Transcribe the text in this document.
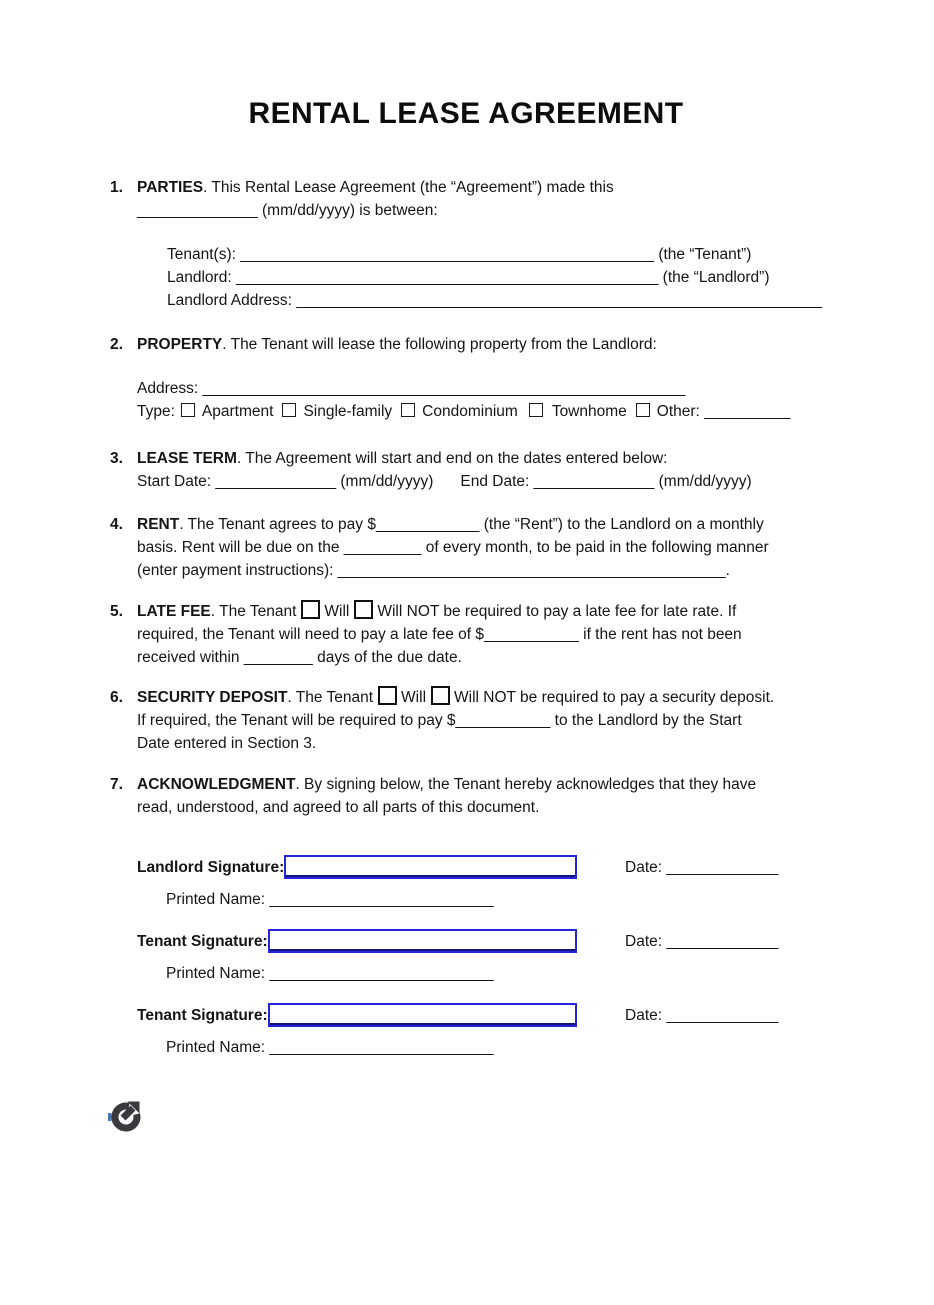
RENTAL LEASE AGREEMENT
1. PARTIES. This Rental Lease Agreement (the “Agreement”) made this
______________ (mm/dd/yyyy) is between:
Tenant(s): ________________________________________________ (the “Tenant”)
Landlord: _________________________________________________ (the “Landlord”)
Landlord Address: _____________________________________________________________
2. PROPERTY. The Tenant will lease the following property from the Landlord:
Address: ________________________________________________________
Type: Apartment Single-family Condominium Townhome Other: __________
3. LEASE TERM. The Agreement will start and end on the dates entered below:
Start Date: ______________ (mm/dd/yyyy) End Date: ______________ (mm/dd/yyyy)
4. RENT. The Tenant agrees to pay $____________ (the “Rent”) to the Landlord on a monthly
basis. Rent will be due on the _________ of every month, to be paid in the following manner
(enter payment instructions): _____________________________________________.
5. LATE FEE. The Tenant Will Will NOT be required to pay a late fee for late rate. If
required, the Tenant will need to pay a late fee of $___________ if the rent has not been
received within ________ days of the due date.
6. SECURITY DEPOSIT. The Tenant Will Will NOT be required to pay a security deposit.
If required, the Tenant will be required to pay $___________ to the Landlord by the Start
Date entered in Section 3.
7. ACKNOWLEDGMENT. By signing below, the Tenant hereby acknowledges that they have
read, understood, and agreed to all parts of this document.
Landlord Signature:	Date: _____________
Printed Name: __________________________
Tenant Signature:	Date: _____________
Printed Name: __________________________
Tenant Signature:	Date: _____________
Printed Name: __________________________
